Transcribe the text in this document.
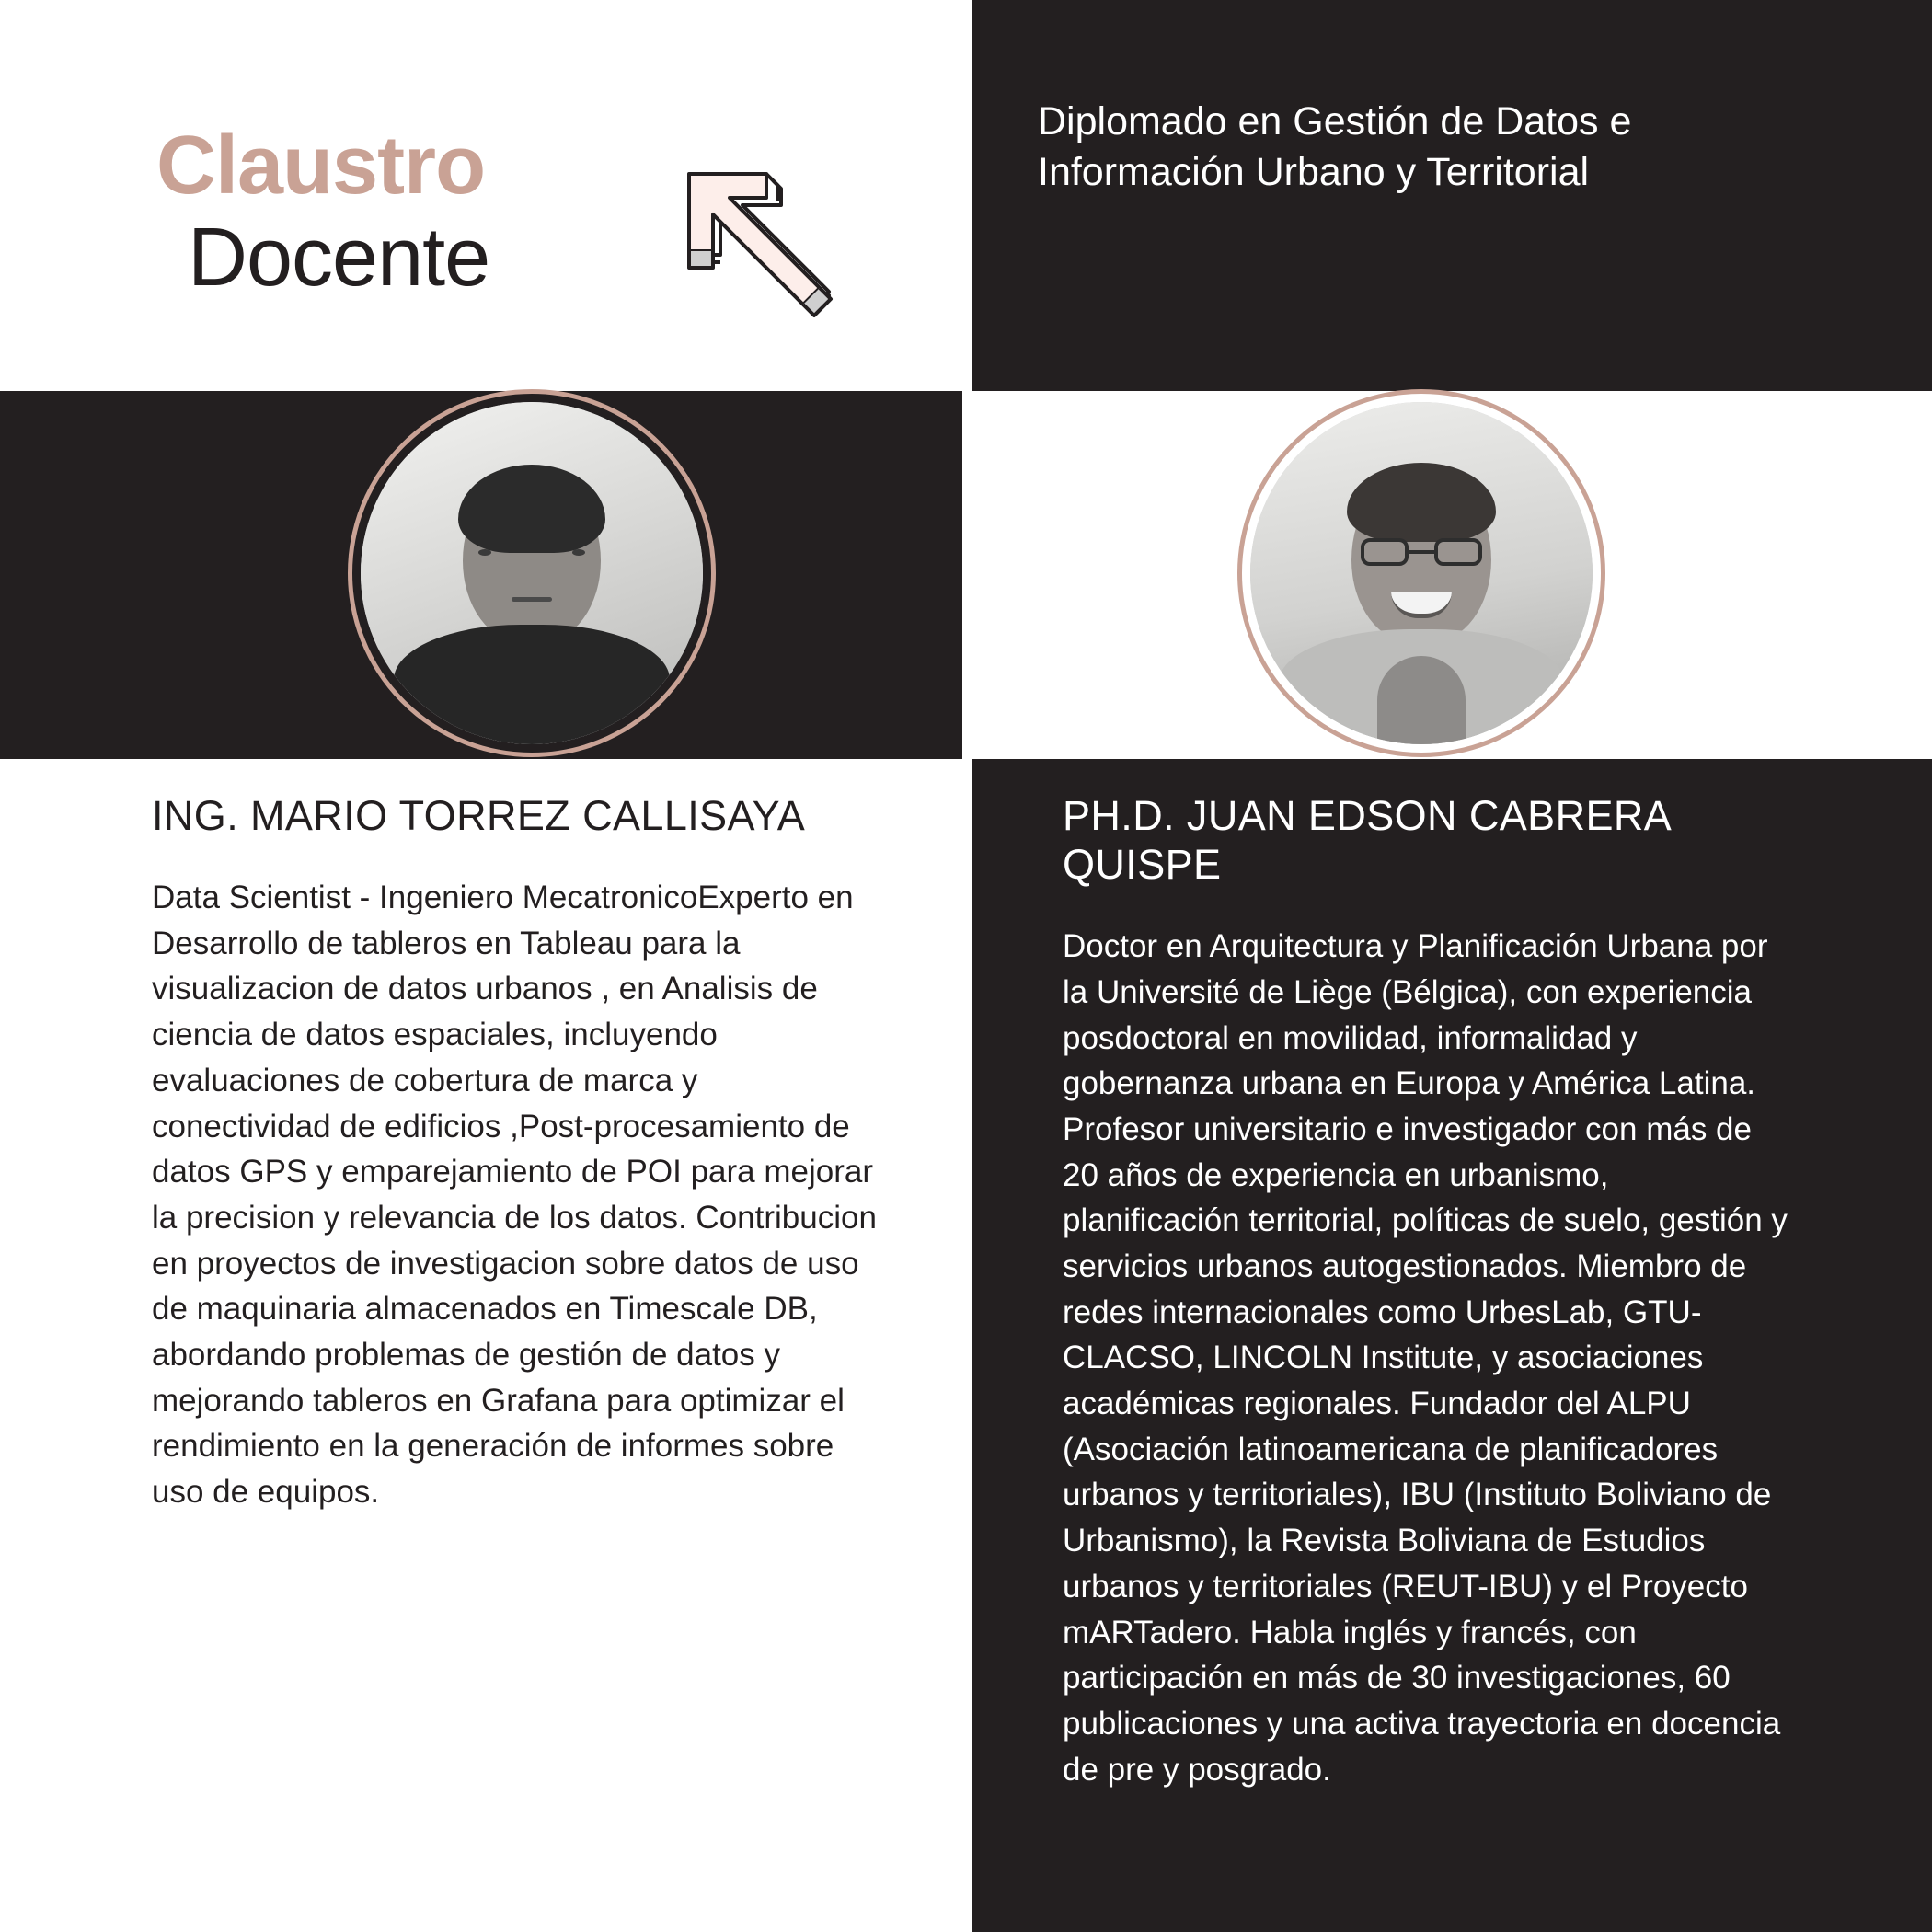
Claustro
Docente
Diplomado en Gestión de Datos e Información Urbano y Territorial
ING. MARIO TORREZ CALLISAYA

Data Scientist - Ingeniero MecatronicoExperto en Desarrollo de tableros en Tableau para la visualizacion de datos urbanos , en Analisis de ciencia de datos espaciales, incluyendo evaluaciones de cobertura de marca y conectividad de edificios ,Post-procesamiento de datos GPS y emparejamiento de POI para mejorar la precision y relevancia de los datos. Contribucion en proyectos de investigacion sobre datos de uso de maquinaria almacenados en Timescale DB, abordando problemas de gestión de datos y mejorando tableros en Grafana para optimizar el rendimiento en la generación de informes sobre uso de equipos.

PH.D. JUAN EDSON CABRERA QUISPE

Doctor en Arquitectura y Planificación Urbana por la Université de Liège (Bélgica), con experiencia posdoctoral en movilidad, informalidad y gobernanza urbana en Europa y América Latina. Profesor universitario e investigador con más de 20 años de experiencia en urbanismo, planificación territorial, políticas de suelo, gestión y servicios urbanos autogestionados. Miembro de redes internacionales como UrbesLab, GTU-CLACSO, LINCOLN Institute, y asociaciones académicas regionales. Fundador del ALPU (Asociación latinoamericana de planificadores urbanos y territoriales), IBU (Instituto Boliviano de Urbanismo), la Revista Boliviana de Estudios urbanos y territoriales (REUT-IBU) y el Proyecto mARTadero. Habla inglés y francés, con participación en más de 30 investigaciones, 60 publicaciones y una activa trayectoria en docencia de pre y posgrado.
